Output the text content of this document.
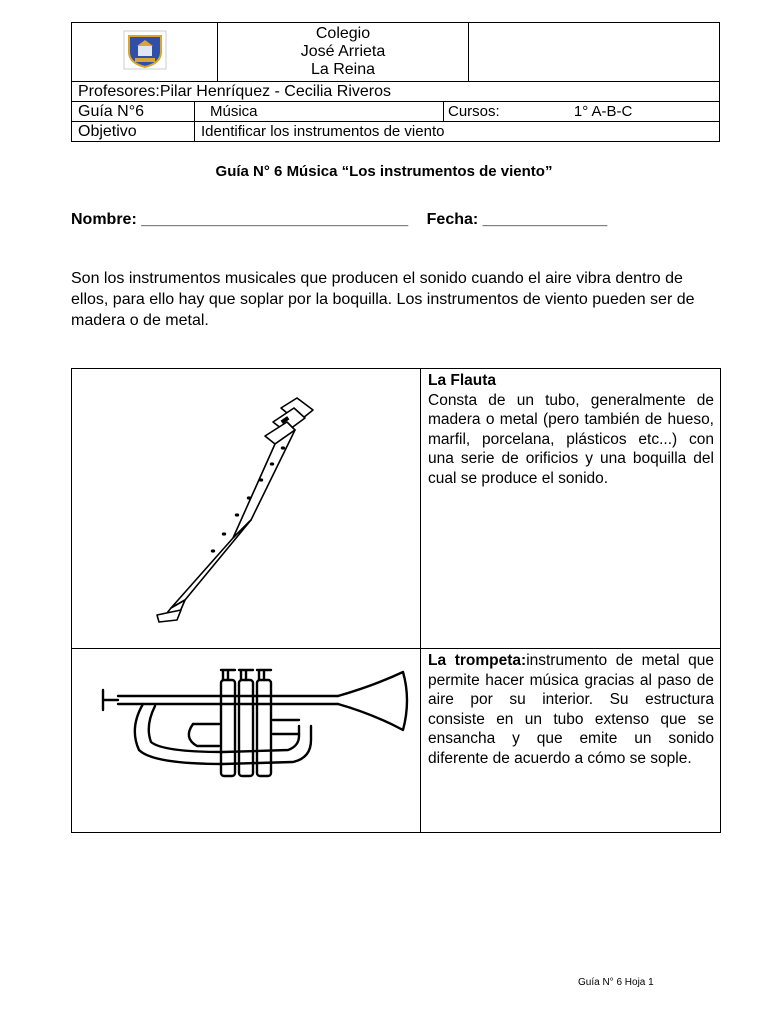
Colegio
José Arrieta
La Reina

Profesores:Pilar Henríquez - Cecilia Riveros
Guía N°6	Música	Cursos: 1° A-B-C
Objetivo	Identificar los instrumentos de viento	
Guía N° 6 Música “Los instrumentos de viento”
Nombre: ______________________________ Fecha: ______________
Son los instrumentos musicales que producen el sonido cuando el aire vibra dentro de ellos, para ello hay que soplar por la boquilla. Los instrumentos de viento pueden ser de madera o de metal.
	La Flauta
Consta de un tubo, generalmente de madera o metal (pero también de hueso, marfil, porcelana, plásticos etc...) con una serie de orificios y una boquilla del cual se produce el sonido.
	La trompeta:instrumento de metal que permite hacer música gracias al paso de aire por su interior. Su estructura consiste en un tubo extenso que se ensancha y que emite un sonido diferente de acuerdo a cómo se sople.
Guía N° 6 Hoja 1
